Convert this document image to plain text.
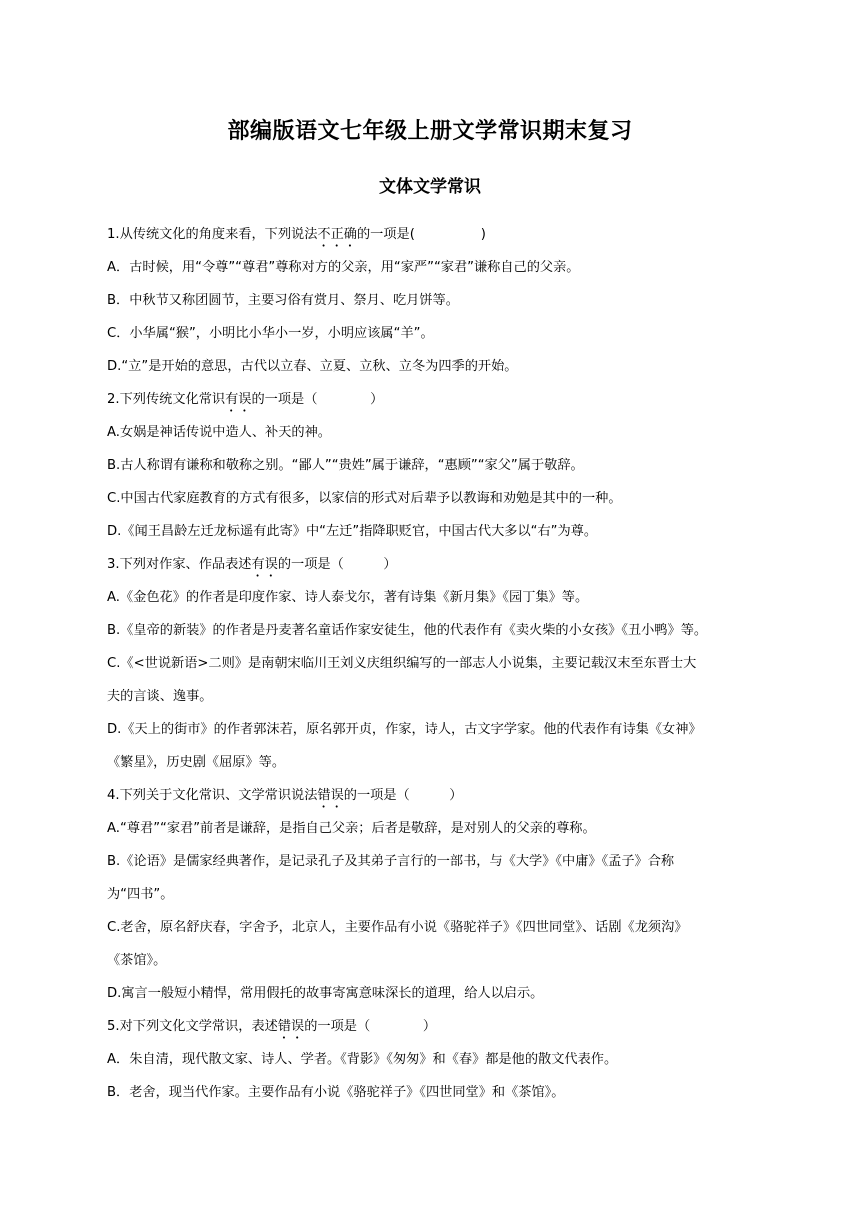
部编版语文七年级上册文学常识期末复习
文体文学常识
1.从传统文化的角度来看，下列说法不正确的一项是(　　　　　)
A．古时候，用“令尊”“尊君”尊称对方的父亲，用“家严”“家君”谦称自己的父亲。
B．中秋节又称团圆节，主要习俗有赏月、祭月、吃月饼等。
C．小华属“猴”，小明比小华小一岁，小明应该属“羊”。
D.“立”是开始的意思，古代以立春、立夏、立秋、立冬为四季的开始。
2.下列传统文化常识有误的一项是（　　　　）
A.女娲是神话传说中造人、补天的神。
B.古人称谓有谦称和敬称之别。“鄙人”“贵姓”属于谦辞，“惠顾”“家父”属于敬辞。
C.中国古代家庭教育的方式有很多，以家信的形式对后辈予以教诲和劝勉是其中的一种。
D.《闻王昌龄左迁龙标遥有此寄》中“左迁”指降职贬官，中国古代大多以“右”为尊。
3.下列对作家、作品表述有误的一项是（　　　）
A.《金色花》的作者是印度作家、诗人泰戈尔，著有诗集《新月集》《园丁集》等。
B.《皇帝的新装》的作者是丹麦著名童话作家安徒生，他的代表作有《卖火柴的小女孩》《丑小鸭》等。
C.《<世说新语>二则》是南朝宋临川王刘义庆组织编写的一部志人小说集，主要记载汉末至东晋士大
夫的言谈、逸事。
D.《天上的街市》的作者郭沫若，原名郭开贞，作家，诗人，古文字学家。他的代表作有诗集《女神》
《繁星》，历史剧《屈原》等。
4.下列关于文化常识、文学常识说法错误的一项是（　　　）
A.“尊君”“家君”前者是谦辞，是指自己父亲；后者是敬辞，是对别人的父亲的尊称。
B.《论语》是儒家经典著作，是记录孔子及其弟子言行的一部书，与《大学》《中庸》《孟子》合称
为“四书”。
C.老舍，原名舒庆春，字舍予，北京人，主要作品有小说《骆驼祥子》《四世同堂》、话剧《龙须沟》
《茶馆》。
D.寓言一般短小精悍，常用假托的故事寄寓意味深长的道理，给人以启示。
5.对下列文化文学常识，表述错误的一项是（　　　　）
A．朱自清，现代散文家、诗人、学者。《背影》《匆匆》和《春》都是他的散文代表作。
B．老舍，现当代作家。主要作品有小说《骆驼祥子》《四世同堂》和《茶馆》。
